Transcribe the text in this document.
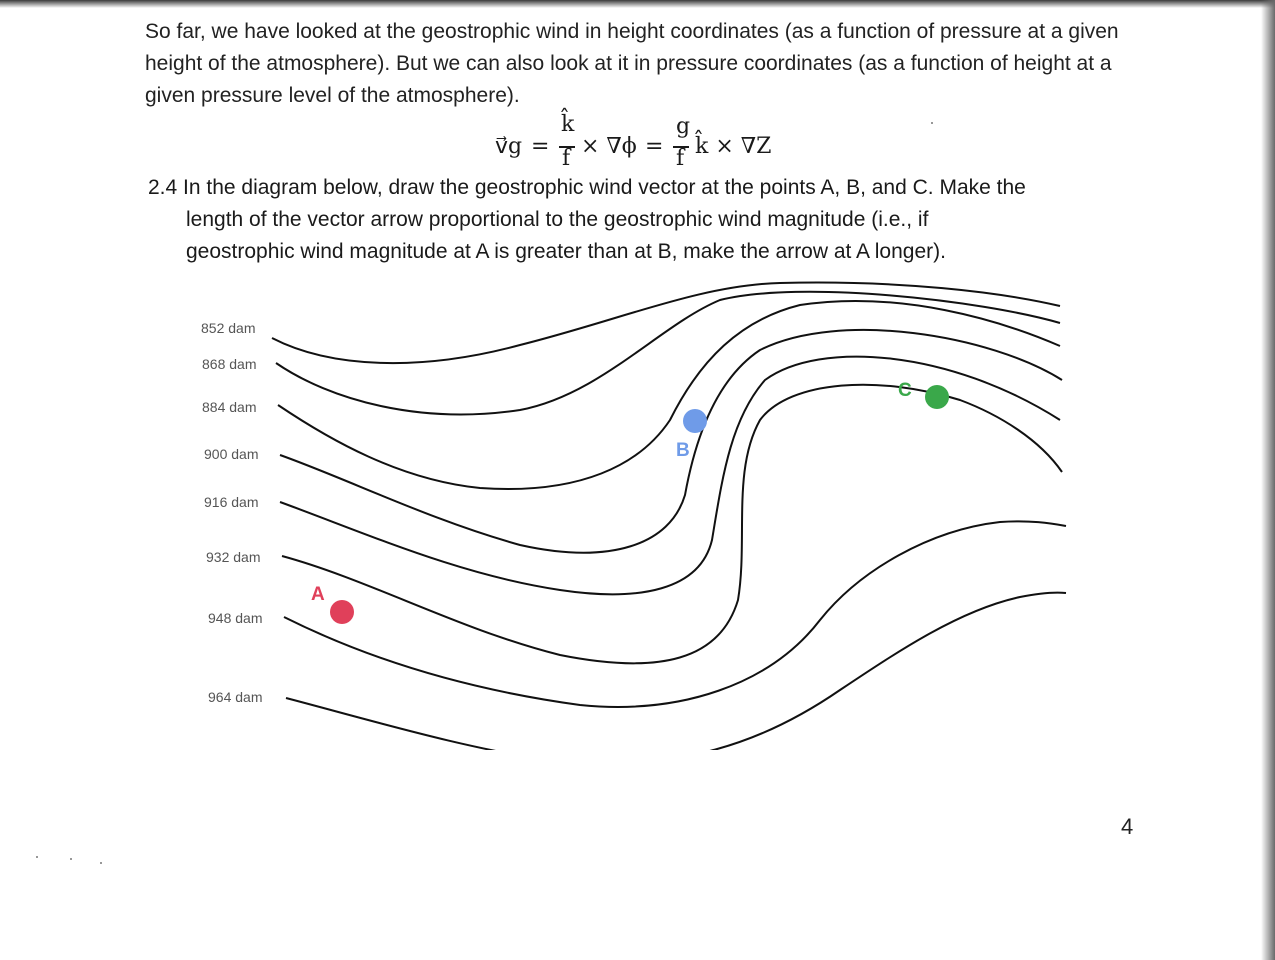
So far, we have looked at the geostrophic wind in height coordinates (as a function of pressure at a given height of the atmosphere). But we can also look at it in pressure coordinates (as a function of height at a given pressure level of the atmosphere).
v⃗g =
k̂
f × ∇ϕ =
g
f k̂ × ∇Z
2.4 In the diagram below, draw the geostrophic wind vector at the points A, B, and C. Make the
length of the vector arrow proportional to the geostrophic wind magnitude (i.e., if
geostrophic wind magnitude at A is greater than at B, make the arrow at A longer).
852 dam
868 dam
884 dam
900 dam
916 dam
932 dam
948 dam
964 dam
A
B
C
4
